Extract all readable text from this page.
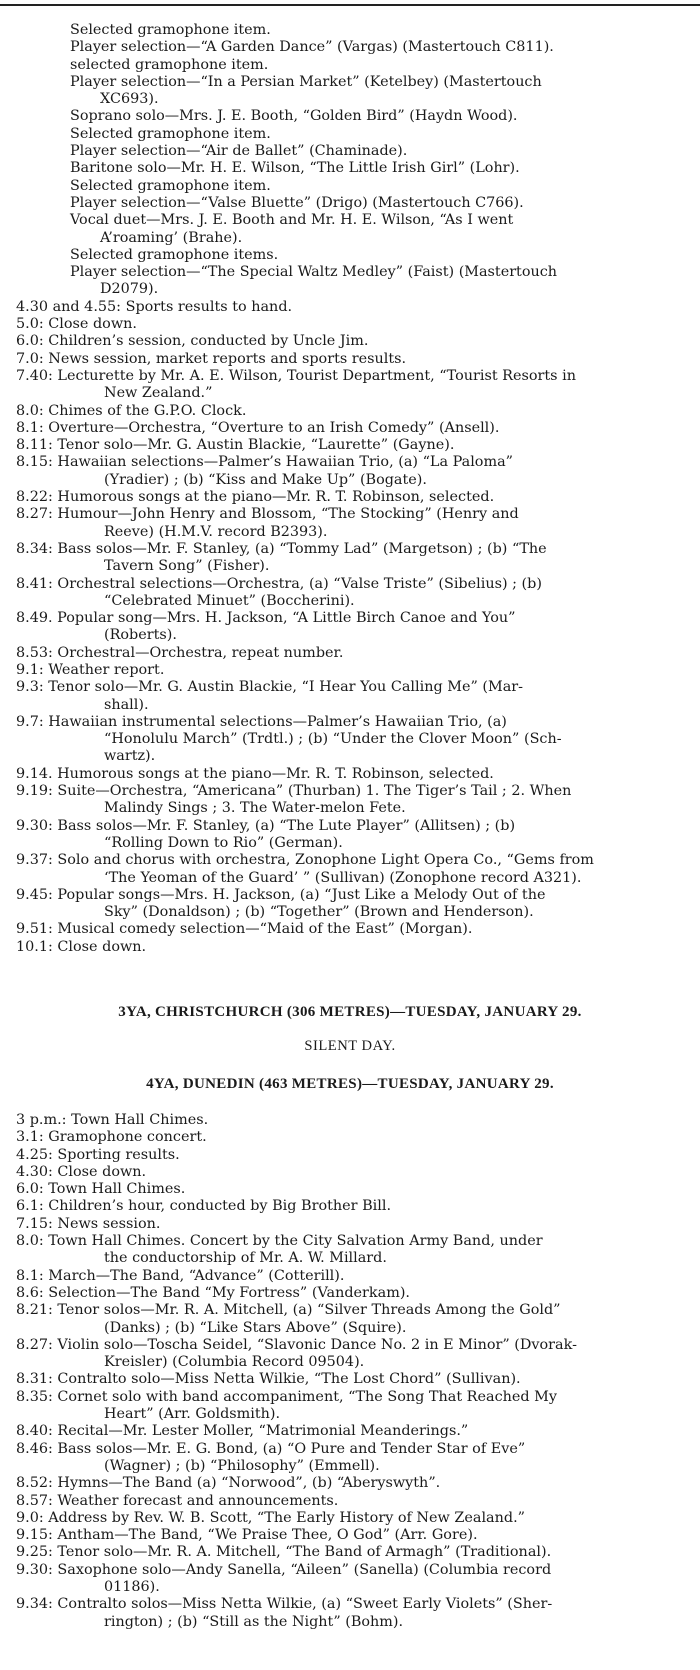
Selected gramophone item.
Player selection—“A Garden Dance” (Vargas) (Mastertouch C811).
selected gramophone item.
Player selection—“In a Persian Market” (Ketelbey) (Mastertouch
XC693).
Soprano solo—Mrs. J. E. Booth, “Golden Bird” (Haydn Wood).
Selected gramophone item.
Player selection—“Air de Ballet” (Chaminade).
Baritone solo—Mr. H. E. Wilson, “The Little Irish Girl” (Lohr).
Selected gramophone item.
Player selection—“Valse Bluette” (Drigo) (Mastertouch C766).
Vocal duet—Mrs. J. E. Booth and Mr. H. E. Wilson, “As I went
A’roaming’ (Brahe).
Selected gramophone items.
Player selection—“The Special Waltz Medley” (Faist) (Mastertouch
D2079).
4.30 and 4.55: Sports results to hand.
5.0: Close down.
6.0: Children’s session, conducted by Uncle Jim.
7.0: News session, market reports and sports results.
7.40: Lecturette by Mr. A. E. Wilson, Tourist Department, “Tourist Resorts in
New Zealand.”
8.0: Chimes of the G.P.O. Clock.
8.1: Overture—Orchestra, “Overture to an Irish Comedy” (Ansell).
8.11: Tenor solo—Mr. G. Austin Blackie, “Laurette” (Gayne).
8.15: Hawaiian selections—Palmer’s Hawaiian Trio, (a) “La Paloma”
(Yradier) ; (b) “Kiss and Make Up” (Bogate).
8.22: Humorous songs at the piano—Mr. R. T. Robinson, selected.
8.27: Humour—John Henry and Blossom, “The Stocking” (Henry and
Reeve) (H.M.V. record B2393).
8.34: Bass solos—Mr. F. Stanley, (a) “Tommy Lad” (Margetson) ; (b) “The
Tavern Song” (Fisher).
8.41: Orchestral selections—Orchestra, (a) “Valse Triste” (Sibelius) ; (b)
“Celebrated Minuet” (Boccherini).
8.49. Popular song—Mrs. H. Jackson, “A Little Birch Canoe and You”
(Roberts).
8.53: Orchestral—Orchestra, repeat number.
9.1: Weather report.
9.3: Tenor solo—Mr. G. Austin Blackie, “I Hear You Calling Me” (Mar-
shall).
9.7: Hawaiian instrumental selections—Palmer’s Hawaiian Trio, (a)
“Honolulu March” (Trdtl.) ; (b) “Under the Clover Moon” (Sch-
wartz).
9.14. Humorous songs at the piano—Mr. R. T. Robinson, selected.
9.19: Suite—Orchestra, “Americana” (Thurban) 1. The Tiger’s Tail ; 2. When
Malindy Sings ; 3. The Water-melon Fete.
9.30: Bass solos—Mr. F. Stanley, (a) “The Lute Player” (Allitsen) ; (b)
“Rolling Down to Rio” (German).
9.37: Solo and chorus with orchestra, Zonophone Light Opera Co., “Gems from
‘The Yeoman of the Guard’ ” (Sullivan) (Zonophone record A321).
9.45: Popular songs—Mrs. H. Jackson, (a) “Just Like a Melody Out of the
Sky” (Donaldson) ; (b) “Together” (Brown and Henderson).
9.51: Musical comedy selection—“Maid of the East” (Morgan).
10.1: Close down.
3YA, CHRISTCHURCH (306 METRES)—TUESDAY, JANUARY 29.
SILENT DAY.
4YA, DUNEDIN (463 METRES)—TUESDAY, JANUARY 29.
3 p.m.: Town Hall Chimes.
3.1: Gramophone concert.
4.25: Sporting results.
4.30: Close down.
6.0: Town Hall Chimes.
6.1: Children’s hour, conducted by Big Brother Bill.
7.15: News session.
8.0: Town Hall Chimes. Concert by the City Salvation Army Band, under
the conductorship of Mr. A. W. Millard.
8.1: March—The Band, “Advance” (Cotterill).
8.6: Selection—The Band “My Fortress” (Vanderkam).
8.21: Tenor solos—Mr. R. A. Mitchell, (a) “Silver Threads Among the Gold”
(Danks) ; (b) “Like Stars Above” (Squire).
8.27: Violin solo—Toscha Seidel, “Slavonic Dance No. 2 in E Minor” (Dvorak-
Kreisler) (Columbia Record 09504).
8.31: Contralto solo—Miss Netta Wilkie, “The Lost Chord” (Sullivan).
8.35: Cornet solo with band accompaniment, “The Song That Reached My
Heart” (Arr. Goldsmith).
8.40: Recital—Mr. Lester Moller, “Matrimonial Meanderings.”
8.46: Bass solos—Mr. E. G. Bond, (a) “O Pure and Tender Star of Eve”
(Wagner) ; (b) “Philosophy” (Emmell).
8.52: Hymns—The Band (a) “Norwood”, (b) “Aberyswyth”.
8.57: Weather forecast and announcements.
9.0: Address by Rev. W. B. Scott, “The Early History of New Zealand.”
9.15: Antham—The Band, “We Praise Thee, O God” (Arr. Gore).
9.25: Tenor solo—Mr. R. A. Mitchell, “The Band of Armagh” (Traditional).
9.30: Saxophone solo—Andy Sanella, “Aileen” (Sanella) (Columbia record
01186).
9.34: Contralto solos—Miss Netta Wilkie, (a) “Sweet Early Violets” (Sher-
rington) ; (b) “Still as the Night” (Bohm).
